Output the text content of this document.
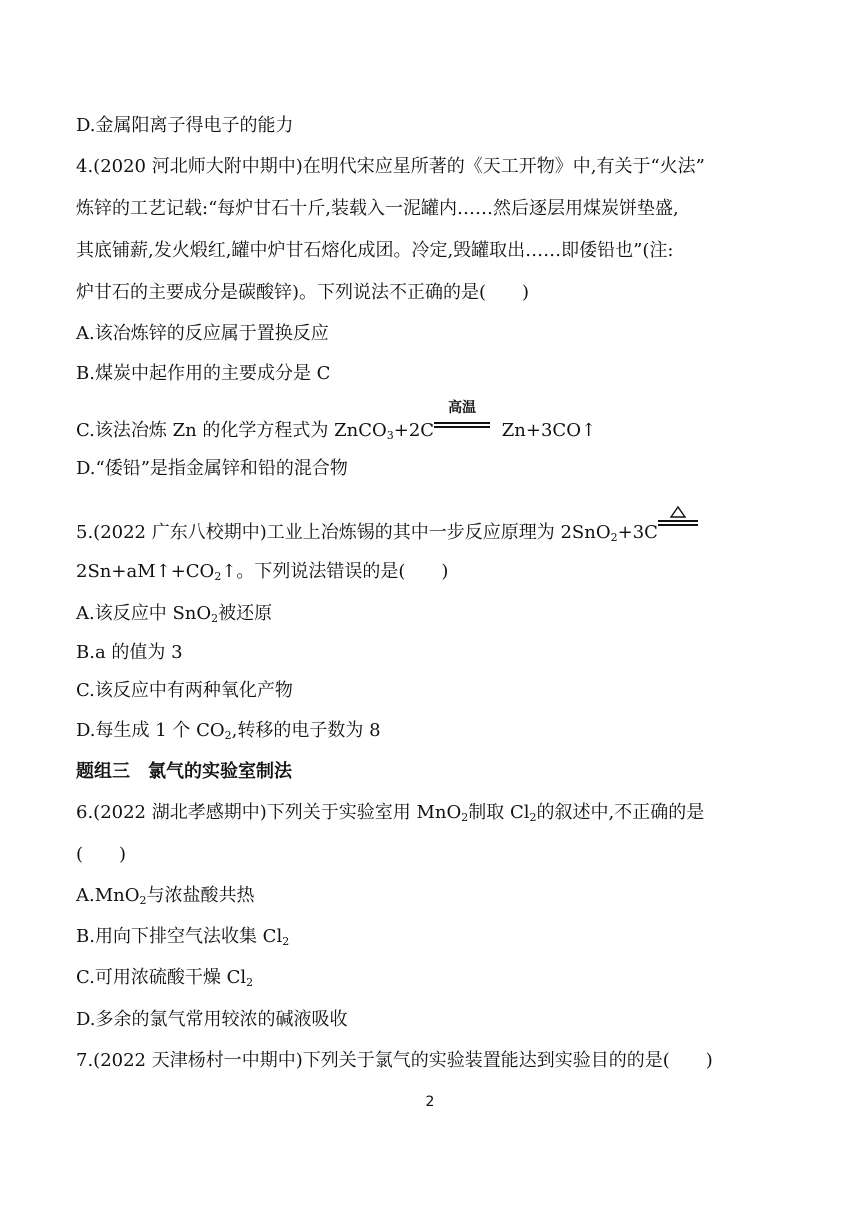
D.金属阳离子得电子的能力
4.(2020 河北师大附中期中)在明代宋应星所著的《天工开物》中,有关于“火法”
炼锌的工艺记载:“每炉甘石十斤,装载入一泥罐内……然后逐层用煤炭饼垫盛,
其底铺薪,发火煅红,罐中炉甘石熔化成团。冷定,毁罐取出……即倭铅也”(注:
炉甘石的主要成分是碳酸锌)。下列说法不正确的是(　　)
A.该冶炼锌的反应属于置换反应
B.煤炭中起作用的主要成分是 C
C.该法冶炼 Zn 的化学方程式为 ZnCO$_3$+2C
高温
Zn+3CO↑
D.“倭铅”是指金属锌和铅的混合物
5.(2022 广东八校期中)工业上冶炼锡的其中一步反应原理为 2SnO$_2$+3C
$2Sn+aM↑+CO_2↑$。下列说法错误的是(　　)
A.该反应中 SnO$_2$被还原
B.a 的值为 3
C.该反应中有两种氧化产物
D.每生成 1 个 $CO_2$,转移的电子数为 8
题组三　氯气的实验室制法
6.(2022 湖北孝感期中)下列关于实验室用 MnO$_2$制取 $Cl_2$的叙述中,不正确的是
(　　)
A.MnO$_2$与浓盐酸共热
B.用向下排空气法收集 $Cl_2$
C.可用浓硫酸干燥 $Cl_2$
D.多余的氯气常用较浓的碱液吸收
7.(2022 天津杨村一中期中)下列关于氯气的实验装置能达到实验目的的是(　　)
2
